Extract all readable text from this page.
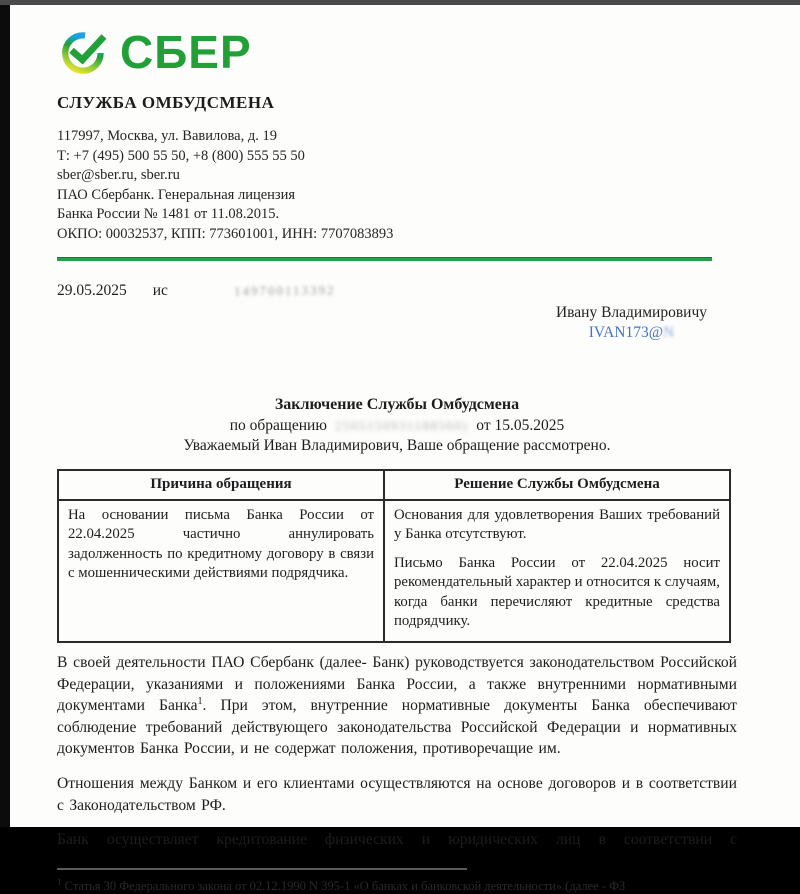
СБЕР
СЛУЖБА ОМБУДСМЕНА
117997, Москва, ул. Вавилова, д. 19
Т: +7 (495) 500 55 50, +8 (800) 555 55 50
sber@sber.ru, sber.ru
ПАО Сбербанк. Генеральная лицензия
Банка России № 1481 от 11.08.2015.
ОКПО: 00032537, КПП: 773601001, ИНН: 7707083893
29.05.2025 ис	149700113392
Ивану Владимировичу
IVAN173@N
Заключение Службы Омбудсмена
по обращению 2505150931188560) от 15.05.2025
Уважаемый Иван Владимирович, Ваше обращение рассмотрено.
Причина обращения	Решение Службы Омбудсмена

На основании письма Банка России от 22.04.2025 частично аннулировать задолженность по кредитному договору в связи с мошенническими действиями подрядчика.	Основания для удовлетворения Ваших требований у Банка отсутствуют.

Письмо Банка России от 22.04.2025 носит рекомендательный характер и относится к случаям, когда банки перечисляют кредитные средства подрядчику.

В своей деятельности ПАО Сбербанк (далее- Банк) руководствуется законодательством Российской Федерации, указаниями и положениями Банка России, а также внутренними нормативными документами Банка$^1$. При этом, внутренние нормативные документы Банка обеспечивают соблюдение требований действующего законодательства Российской Федерации и нормативных документов Банка России, и не содержат положения, противоречащие им.

Отношения между Банком и его клиентами осуществляются на основе договоров и в соответствии с Законодательством РФ.

Банк осуществляет кредитование физических и юридических лиц в соответствии с

$^1$ Статья 30 Федерального закона от 02.12.1990 N 395-1 «О банках и банковской деятельности» (далее - ФЗ
